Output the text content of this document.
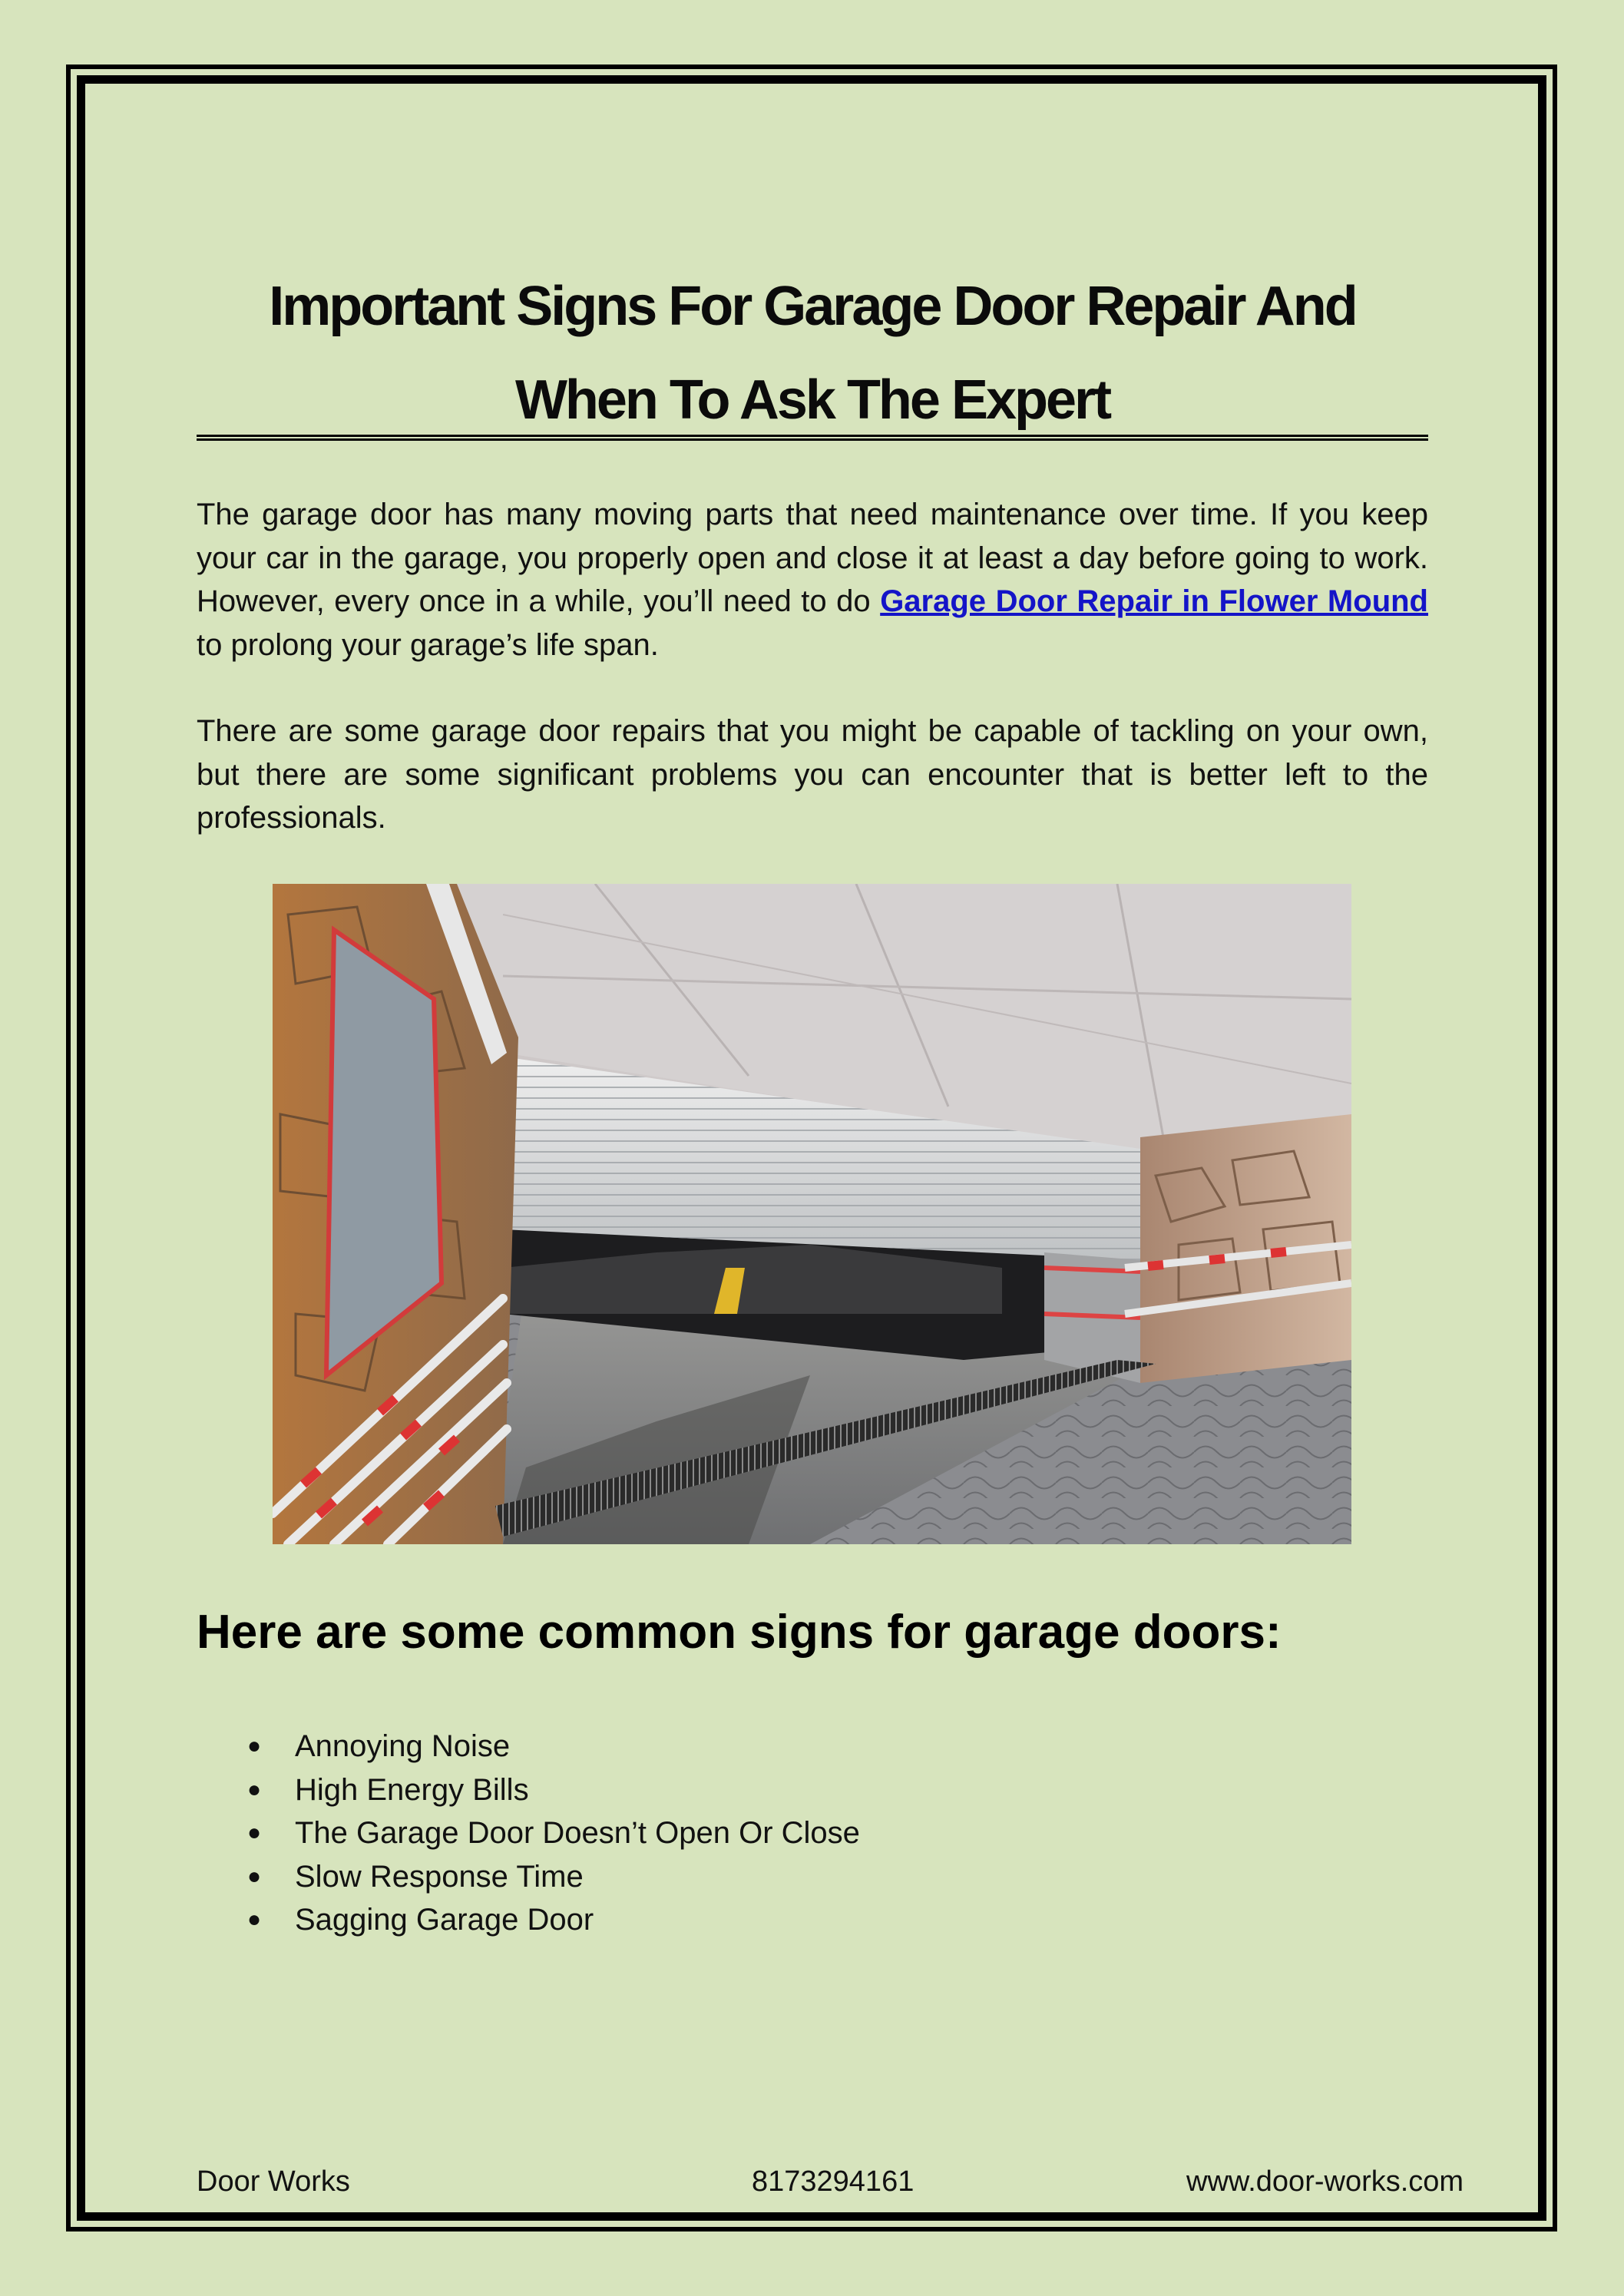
Important Signs For Garage Door Repair And When To Ask The Expert

The garage door has many moving parts that need maintenance over time. If you keep your car in the garage, you properly open and close it at least a day before going to work. However, every once in a while, you’ll need to do Garage Door Repair in Flower Mound to prolong your garage’s life span.

There are some garage door repairs that you might be capable of tackling on your own, but there are some significant problems you can encounter that is better left to the professionals.

Here are some common signs for garage doors:
● Annoying Noise
● High Energy Bills
● The Garage Door Doesn’t Open Or Close
● Slow Response Time
● Sagging Garage Door
Door Works	8173294161	www.door-works.com
